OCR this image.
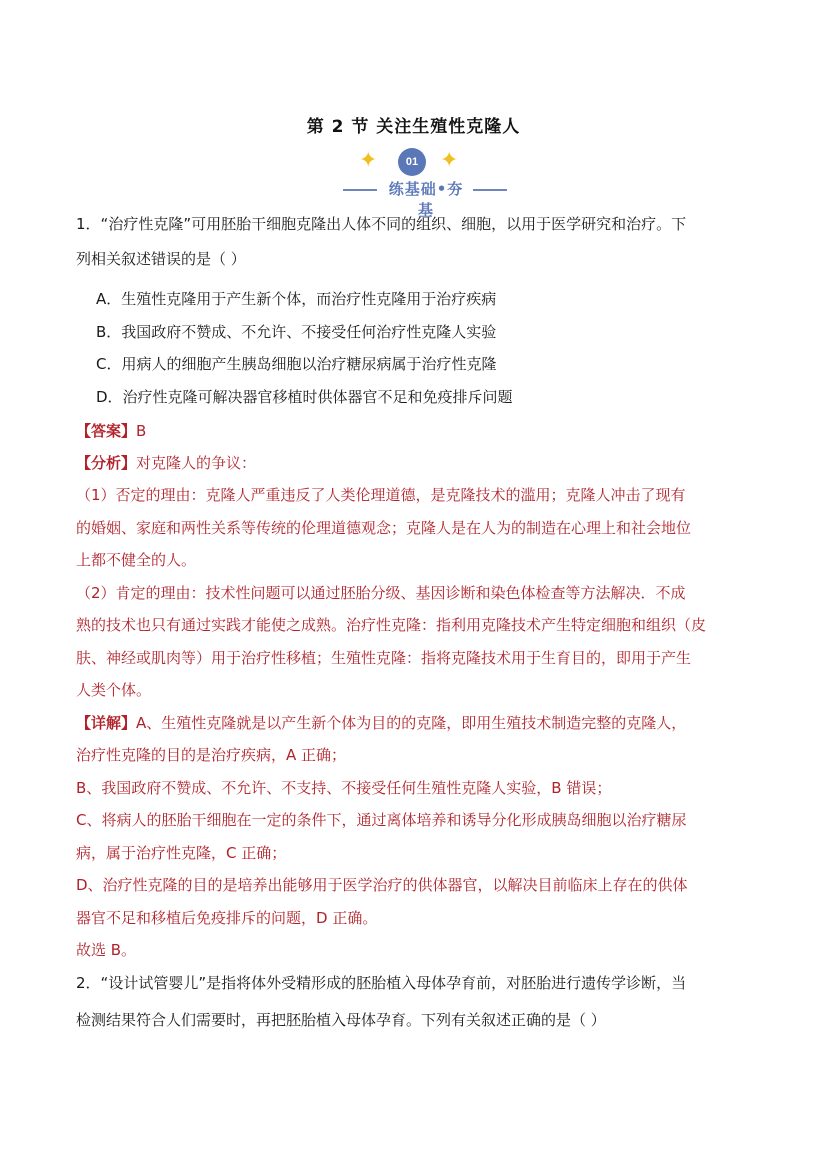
第 2 节 关注生殖性克隆人
✦	01 ✦
练基础•夯基
1．“治疗性克隆”可用胚胎干细胞克隆出人体不同的组织、细胞，以用于医学研究和治疗。下
列相关叙述错误的是（ ）
A．生殖性克隆用于产生新个体，而治疗性克隆用于治疗疾病
B．我国政府不赞成、不允许、不接受任何治疗性克隆人实验
C．用病人的细胞产生胰岛细胞以治疗糖尿病属于治疗性克隆
D．治疗性克隆可解决器官移植时供体器官不足和免疫排斥问题
【答案】B
【分析】对克隆人的争议：
（1）否定的理由：克隆人严重违反了人类伦理道德，是克隆技术的滥用；克隆人冲击了现有
的婚姻、家庭和两性关系等传统的伦理道德观念；克隆人是在人为的制造在心理上和社会地位
上都不健全的人。
（2）肯定的理由：技术性问题可以通过胚胎分级、基因诊断和染色体检查等方法解决．不成
熟的技术也只有通过实践才能使之成熟。治疗性克隆：指利用克隆技术产生特定细胞和组织（皮
肤、神经或肌肉等）用于治疗性移植；生殖性克隆：指将克隆技术用于生育目的，即用于产生
人类个体。
【详解】A、生殖性克隆就是以产生新个体为目的的克隆，即用生殖技术制造完整的克隆人，
治疗性克隆的目的是治疗疾病，A 正确；
B、我国政府不赞成、不允许、不支持、不接受任何生殖性克隆人实验，B 错误；
C、将病人的胚胎干细胞在一定的条件下，通过离体培养和诱导分化形成胰岛细胞以治疗糖尿
病，属于治疗性克隆，C 正确；
D、治疗性克隆的目的是培养出能够用于医学治疗的供体器官，以解决目前临床上存在的供体
器官不足和移植后免疫排斥的问题，D 正确。
故选 B。
2．“设计试管婴儿”是指将体外受精形成的胚胎植入母体孕育前，对胚胎进行遗传学诊断，当
检测结果符合人们需要时，再把胚胎植入母体孕育。下列有关叙述正确的是（ ）
